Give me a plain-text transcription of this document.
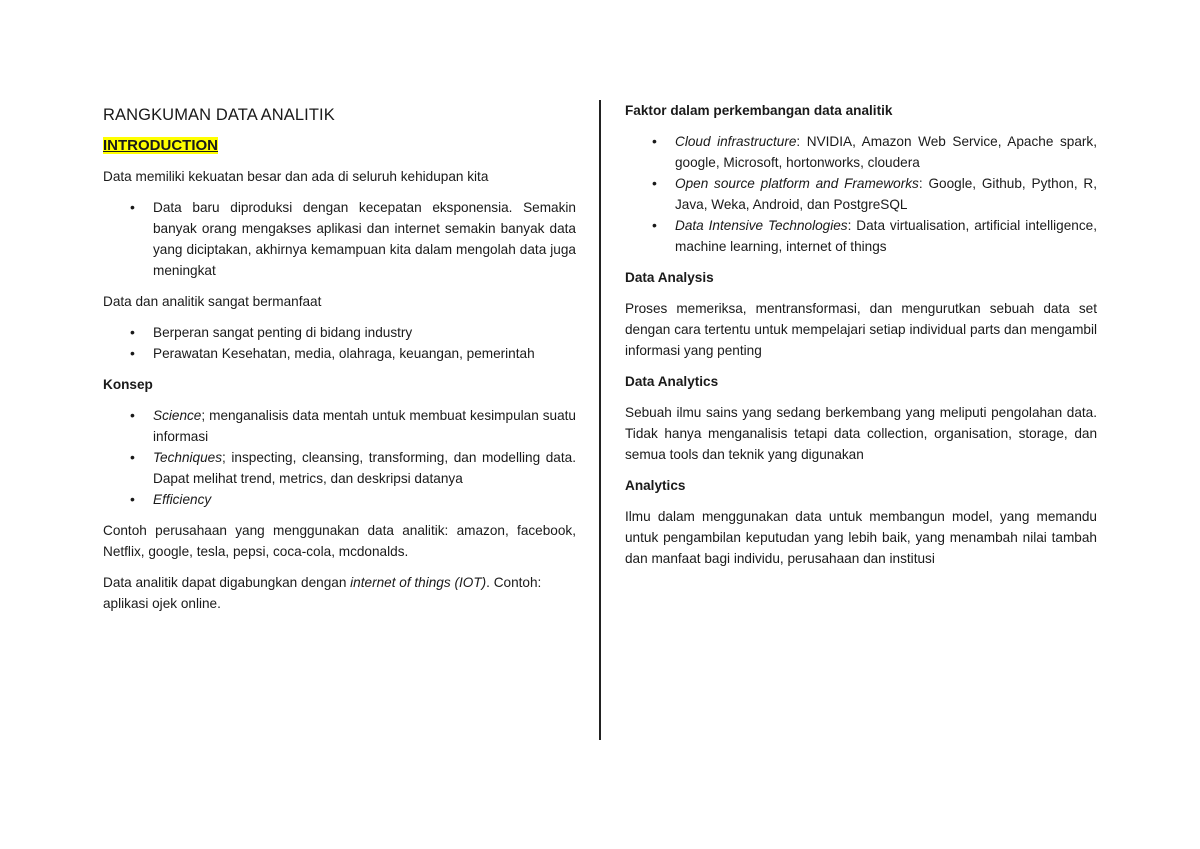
RANGKUMAN DATA ANALITIK
INTRODUCTION

Data memiliki kekuatan besar dan ada di seluruh kehidupan kita

• Data baru diproduksi dengan kecepatan eksponensia. Semakin banyak orang mengakses aplikasi dan internet semakin banyak data yang diciptakan, akhirnya kemampuan kita dalam mengolah data juga meningkat

Data dan analitik sangat bermanfaat

• Berperan sangat penting di bidang industry
• Perawatan Kesehatan, media, olahraga, keuangan, pemerintah
Konsep
• Science; menganalisis data mentah untuk membuat kesimpulan suatu informasi
• Techniques; inspecting, cleansing, transforming, dan modelling data. Dapat melihat trend, metrics, dan deskripsi datanya
• Efficiency

Contoh perusahaan yang menggunakan data analitik: amazon, facebook, Netflix, google, tesla, pepsi, coca-cola, mcdonalds.

Data analitik dapat digabungkan dengan internet of things (IOT). Contoh: aplikasi ojek online.

Faktor dalam perkembangan data analitik
• Cloud infrastructure: NVIDIA, Amazon Web Service, Apache spark, google, Microsoft, hortonworks, cloudera
• Open source platform and Frameworks: Google, Github, Python, R, Java, Weka, Android, dan PostgreSQL
• Data Intensive Technologies: Data virtualisation, artificial intelligence, machine learning, internet of things
Data Analysis

Proses memeriksa, mentransformasi, dan mengurutkan sebuah data set dengan cara tertentu untuk mempelajari setiap individual parts dan mengambil informasi yang penting

Data Analytics

Sebuah ilmu sains yang sedang berkembang yang meliputi pengolahan data. Tidak hanya menganalisis tetapi data collection, organisation, storage, dan semua tools dan teknik yang digunakan

Analytics

Ilmu dalam menggunakan data untuk membangun model, yang memandu untuk pengambilan keputudan yang lebih baik, yang menambah nilai tambah dan manfaat bagi individu, perusahaan dan institusi
